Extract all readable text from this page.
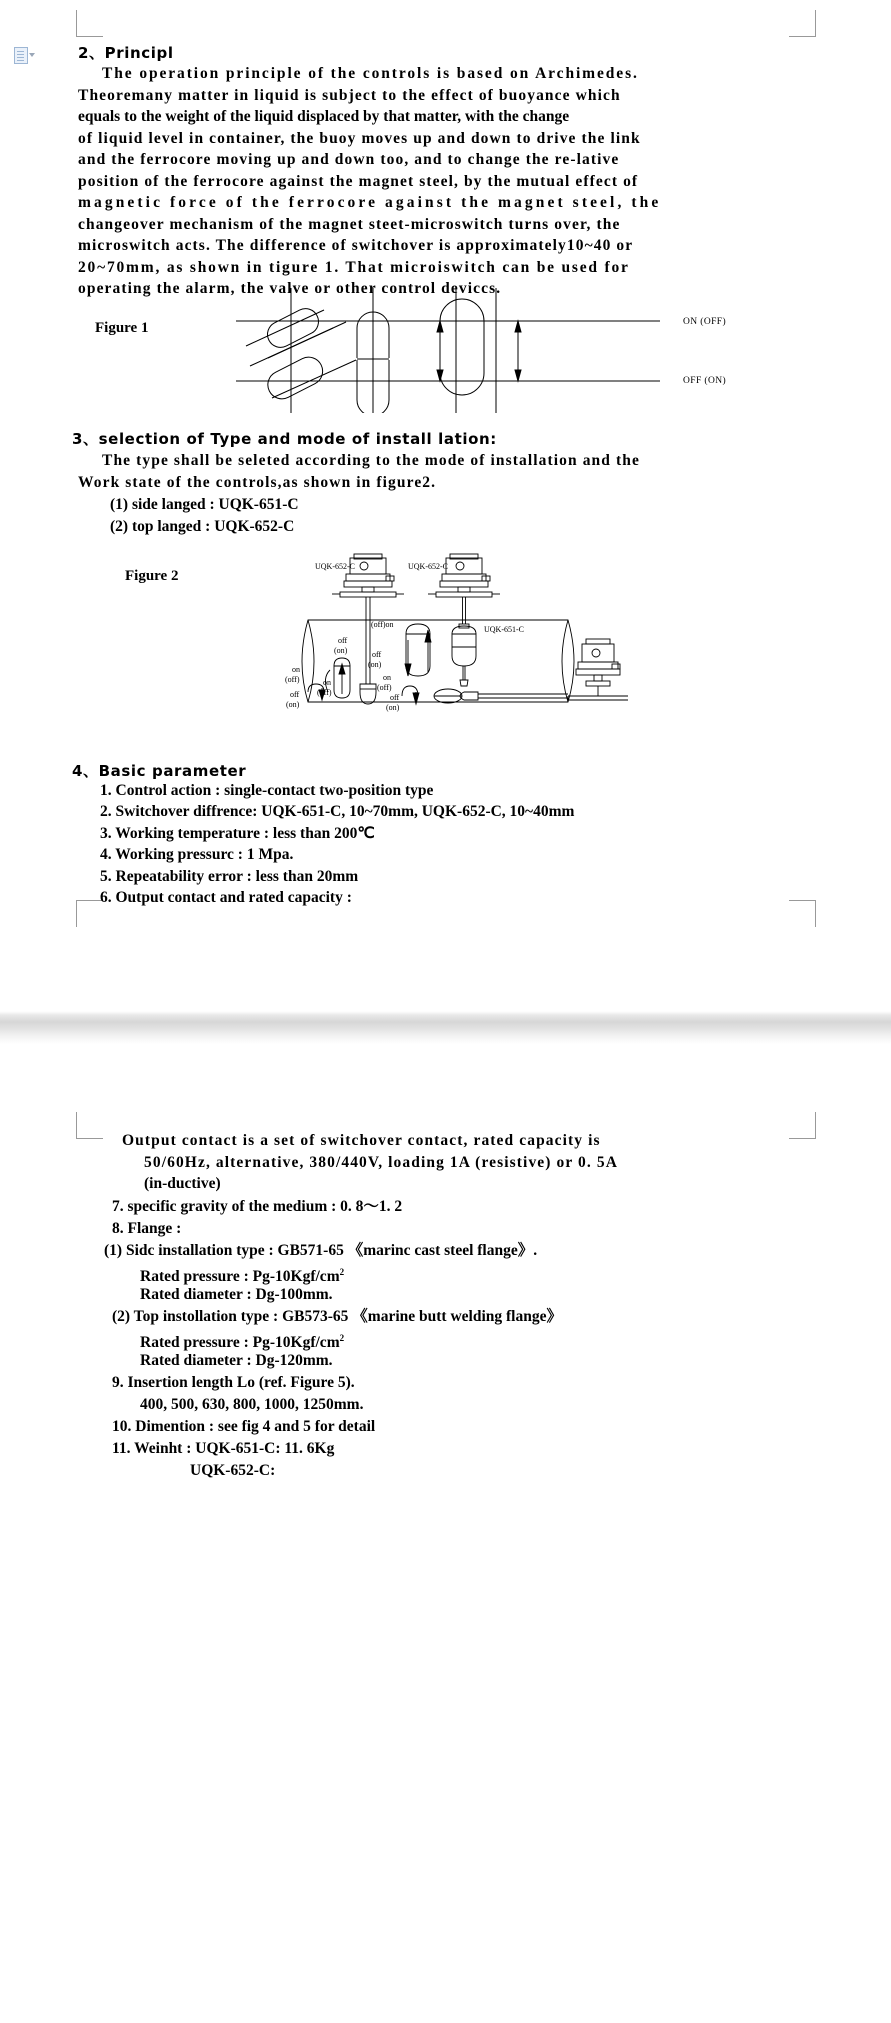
2、Principl
The operation principle of the controls is based on Archimedes.
Theoremany matter in liquid is subject to the effect of buoyance which
equals to the weight of the liquid displaced by that matter, with the change
of liquid level in container, the buoy moves up and down to drive the link
and the ferrocore moving up and down too, and to change the re-lative
position of the ferrocore against the magnet steel, by the mutual effect of
magnetic force of the ferrocore against the magnet steel, the
changeover mechanism of the magnet steet-microswitch turns over, the
microswitch acts. The difference of switchover is approximately10~40 or
20~70mm, as shown in tigure 1. That microiswitch can be used for
operating the alarm, the valve or other control deviccs.
Figure 1	ON (OFF)
OFF (ON)
3、selection of Type and mode of install lation:
The type shall be seleted according to the mode of installation and the
Work state of the controls,as shown in figure2.
(1) side langed : UQK-651-C
(2) top langed : UQK-652-C
Figure 2
UQK-652-C	UQK-652-C
UQK-651-C
off
(on)
on
(off)
off
(on)
(off)on
off
(on)
on
(off)
on
(off)
off
(on)
4、Basic parameter
1. Control action : single-contact two-position type
2. Switchover diffrence: UQK-651-C, 10~70mm, UQK-652-C, 10~40mm
3. Working temperature : less than 200℃
4. Working pressurc : 1 Mpa.
5. Repeatability error : less than 20mm
6. Output contact and rated capacity :
Output contact is a set of switchover contact, rated capacity is
50/60Hz, alternative, 380/440V, loading 1A (resistive) or 0. 5A
(in-ductive)
7. specific gravity of the medium : 0. 8～1. 2
8. Flange :
(1) Sidc installation type : GB571-65 《marinc cast steel flange》.
Rated pressure : $Pg-10Kgf/cm^2$
Rated diameter : Dg-100mm.
(2) Top instollation type : GB573-65 《marine butt welding flange》
Rated pressure : $Pg-10Kgf/cm^2$
Rated diameter : Dg-120mm.
9. Insertion length Lo (ref. Figure 5).
400, 500, 630, 800, 1000, 1250mm.
10. Dimention : see fig 4 and 5 for detail
11. Weinht : UQK-651-C: 11. 6Kg
UQK-652-C:
